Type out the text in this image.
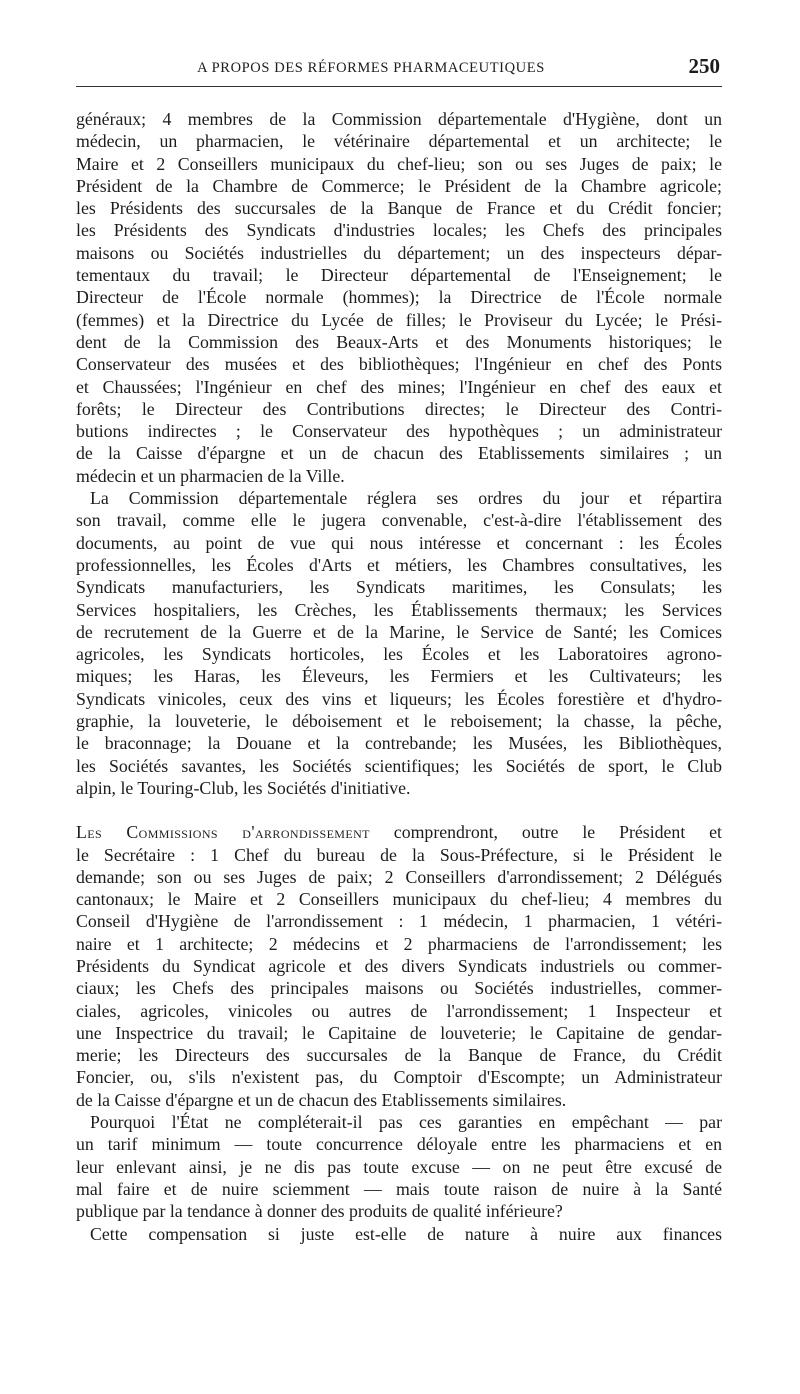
A PROPOS DES RÉFORMES PHARMACEUTIQUES	250
généraux; 4 membres de la Commission départementale d'Hygiène, dont un
médecin, un pharmacien, le vétérinaire départemental et un architecte; le
Maire et 2 Conseillers municipaux du chef-lieu; son ou ses Juges de paix; le
Président de la Chambre de Commerce; le Président de la Chambre agricole;
les Présidents des succursales de la Banque de France et du Crédit foncier;
les Présidents des Syndicats d'industries locales; les Chefs des principales
maisons ou Sociétés industrielles du département; un des inspecteurs dépar-
tementaux du travail; le Directeur départemental de l'Enseignement; le
Directeur de l'École normale (hommes); la Directrice de l'École normale
(femmes) et la Directrice du Lycée de filles; le Proviseur du Lycée; le Prési-
dent de la Commission des Beaux-Arts et des Monuments historiques; le
Conservateur des musées et des bibliothèques; l'Ingénieur en chef des Ponts
et Chaussées; l'Ingénieur en chef des mines; l'Ingénieur en chef des eaux et
forêts; le Directeur des Contributions directes; le Directeur des Contri-
butions indirectes ; le Conservateur des hypothèques ; un administrateur
de la Caisse d'épargne et un de chacun des Etablissements similaires ; un
médecin et un pharmacien de la Ville.
La Commission départementale réglera ses ordres du jour et répartira
son travail, comme elle le jugera convenable, c'est-à-dire l'établissement des
documents, au point de vue qui nous intéresse et concernant : les Écoles
professionnelles, les Écoles d'Arts et métiers, les Chambres consultatives, les
Syndicats manufacturiers, les Syndicats maritimes, les Consulats; les
Services hospitaliers, les Crèches, les Établissements thermaux; les Services
de recrutement de la Guerre et de la Marine, le Service de Santé; les Comices
agricoles, les Syndicats horticoles, les Écoles et les Laboratoires agrono-
miques; les Haras, les Éleveurs, les Fermiers et les Cultivateurs; les
Syndicats vinicoles, ceux des vins et liqueurs; les Écoles forestière et d'hydro-
graphie, la louveterie, le déboisement et le reboisement; la chasse, la pêche,
le braconnage; la Douane et la contrebande; les Musées, les Bibliothèques,
les Sociétés savantes, les Sociétés scientifiques; les Sociétés de sport, le Club
alpin, le Touring-Club, les Sociétés d'initiative.
Les Commissions d'arrondissement comprendront, outre le Président et
le Secrétaire : 1 Chef du bureau de la Sous-Préfecture, si le Président le
demande; son ou ses Juges de paix; 2 Conseillers d'arrondissement; 2 Délégués
cantonaux; le Maire et 2 Conseillers municipaux du chef-lieu; 4 membres du
Conseil d'Hygiène de l'arrondissement : 1 médecin, 1 pharmacien, 1 vétéri-
naire et 1 architecte; 2 médecins et 2 pharmaciens de l'arrondissement; les
Présidents du Syndicat agricole et des divers Syndicats industriels ou commer-
ciaux; les Chefs des principales maisons ou Sociétés industrielles, commer-
ciales, agricoles, vinicoles ou autres de l'arrondissement; 1 Inspecteur et
une Inspectrice du travail; le Capitaine de louveterie; le Capitaine de gendar-
merie; les Directeurs des succursales de la Banque de France, du Crédit
Foncier, ou, s'ils n'existent pas, du Comptoir d'Escompte; un Administrateur
de la Caisse d'épargne et un de chacun des Etablissements similaires.
Pourquoi l'État ne compléterait-il pas ces garanties en empêchant — par
un tarif minimum — toute concurrence déloyale entre les pharmaciens et en
leur enlevant ainsi, je ne dis pas toute excuse — on ne peut être excusé de
mal faire et de nuire sciemment — mais toute raison de nuire à la Santé
publique par la tendance à donner des produits de qualité inférieure?
Cette compensation si juste est-elle de nature à nuire aux finances
